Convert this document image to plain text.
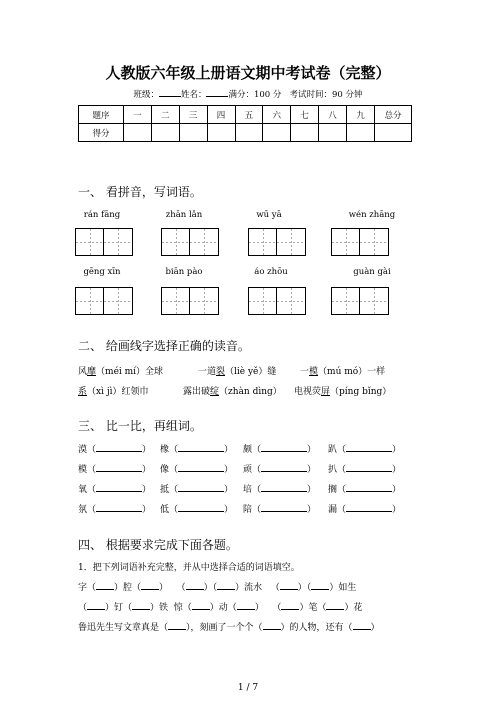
人教版六年级上册语文期中考试卷（完整）
班级：	姓名：	满分：100 分 考试时间：90 分钟
题序	一	二	三	四	五	六	七	八	九	总分
得分										
一、 看拼音，写词语。
rán fāng	zhān lǎn	wū yā	wén zhāng
gēng xīn	biān pào	áo zhōu	guàn gài
二、 给画线字选择正确的读音。
风靡（méi mí）全球	一道裂（liè yě）缝	一模（mú mó）一样
系（xì jì）红领巾	露出破绽（zhàn dìng） 电视荧屏（píng bǐng）
三、 比一比，再组词。
漠（	） 橡（	） 颇（	） 趴（	）
模（	） 像（	） 顽（	） 扒（	）
氧（	） 抵（	） 培（	） 搁（	）
氛（	） 低（	） 陪（	） 漏（	）
四、 根据要求完成下面各题。
1．把下列词语补充完整，并从中选择合适的词语填空。
字（ ）腔（ ） （ ）（ ）流水 （ ）（ ）如生
（ ）钉（ ）铁 惊（ ）动（ ） （ ）笔（ ）花
鲁迅先生写文章真是（ ），刻画了一个个（ ）的人物，还有（ ）
1 / 7
